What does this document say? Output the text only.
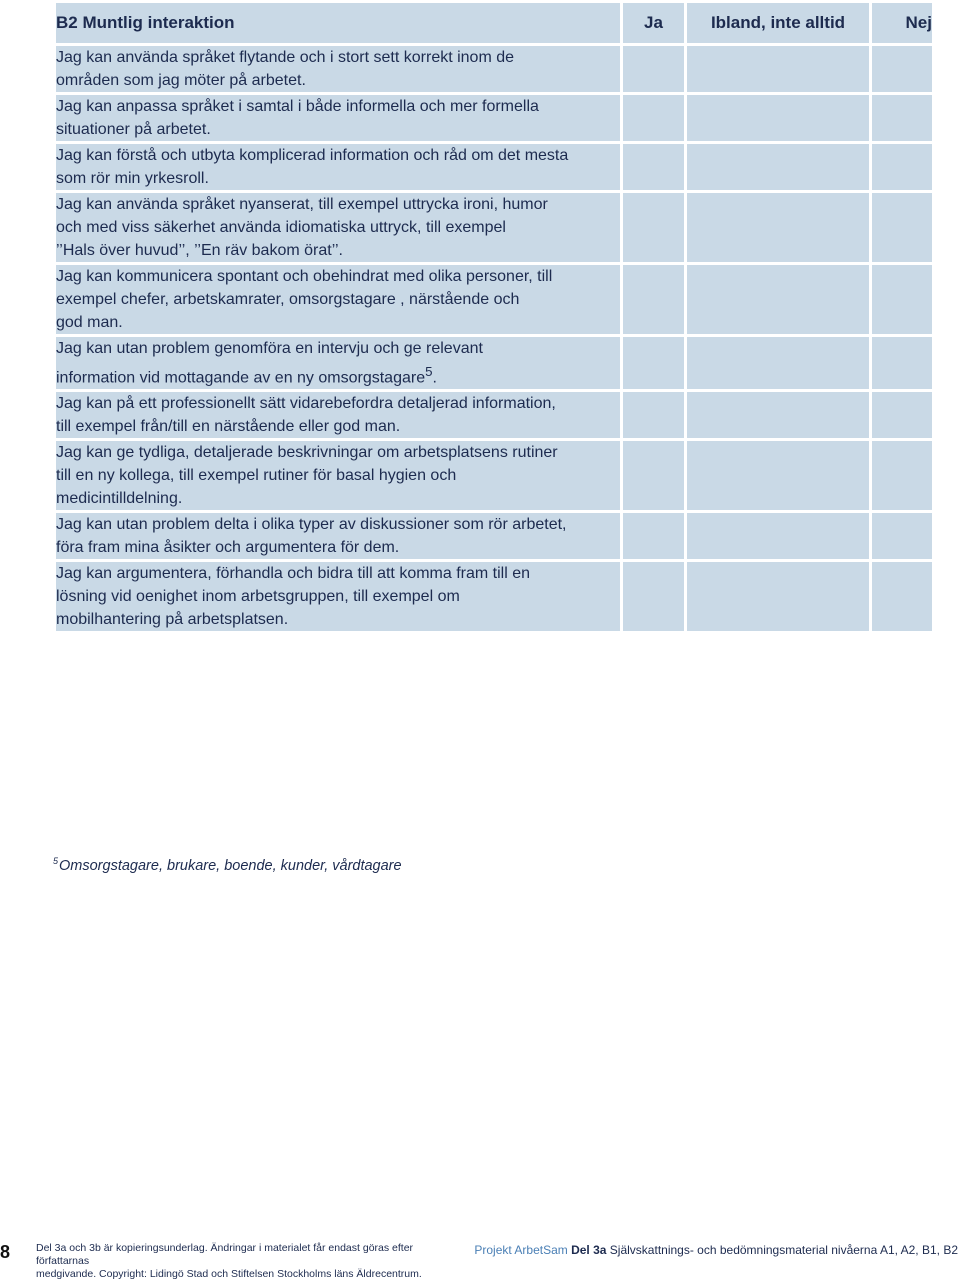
B2 Muntlig interaktion	Ja	Ibland, inte alltid	Nej
Jag kan använda språket flytande och i stort sett korrekt inom de
områden som jag möter på arbetet.			
Jag kan anpassa språket i samtal i både informella och mer formella
situationer på arbetet.			
Jag kan förstå och utbyta komplicerad information och råd om det mesta
som rör min yrkesroll.			
Jag kan använda språket nyanserat, till exempel uttrycka ironi, humor
och med viss säkerhet använda idiomatiska uttryck, till exempel
’’Hals över huvud’’, ’’En räv bakom örat’’.			
Jag kan kommunicera spontant och obehindrat med olika personer, till
exempel chefer, arbetskamrater, omsorgstagare , närstående och
god man.			
Jag kan utan problem genomföra en intervju och ge relevant
information vid mottagande av en ny omsorgstagare$^5$.			
Jag kan på ett professionellt sätt vidarebefordra detaljerad information,
till exempel från/till en närstående eller god man.			
Jag kan ge tydliga, detaljerade beskrivningar om arbetsplatsens rutiner
till en ny kollega, till exempel rutiner för basal hygien och
medicintilldelning.			
Jag kan utan problem delta i olika typer av diskussioner som rör arbetet,
föra fram mina åsikter och argumentera för dem.			
Jag kan argumentera, förhandla och bidra till att komma fram till en
lösning vid oenighet inom arbetsgruppen, till exempel om
mobilhantering på arbetsplatsen.			
$^5$Omsorgstagare, brukare, boende, kunder, vårdtagare
8 Del 3a och 3b är kopieringsunderlag. Ändringar i materialet får endast göras efter författarnas
medgivande. Copyright: Lidingö Stad och Stiftelsen Stockholms läns Äldrecentrum.
Projekt ArbetSam Del 3a Självskattnings- och bedömningsmaterial nivåerna A1, A2, B1, B2
